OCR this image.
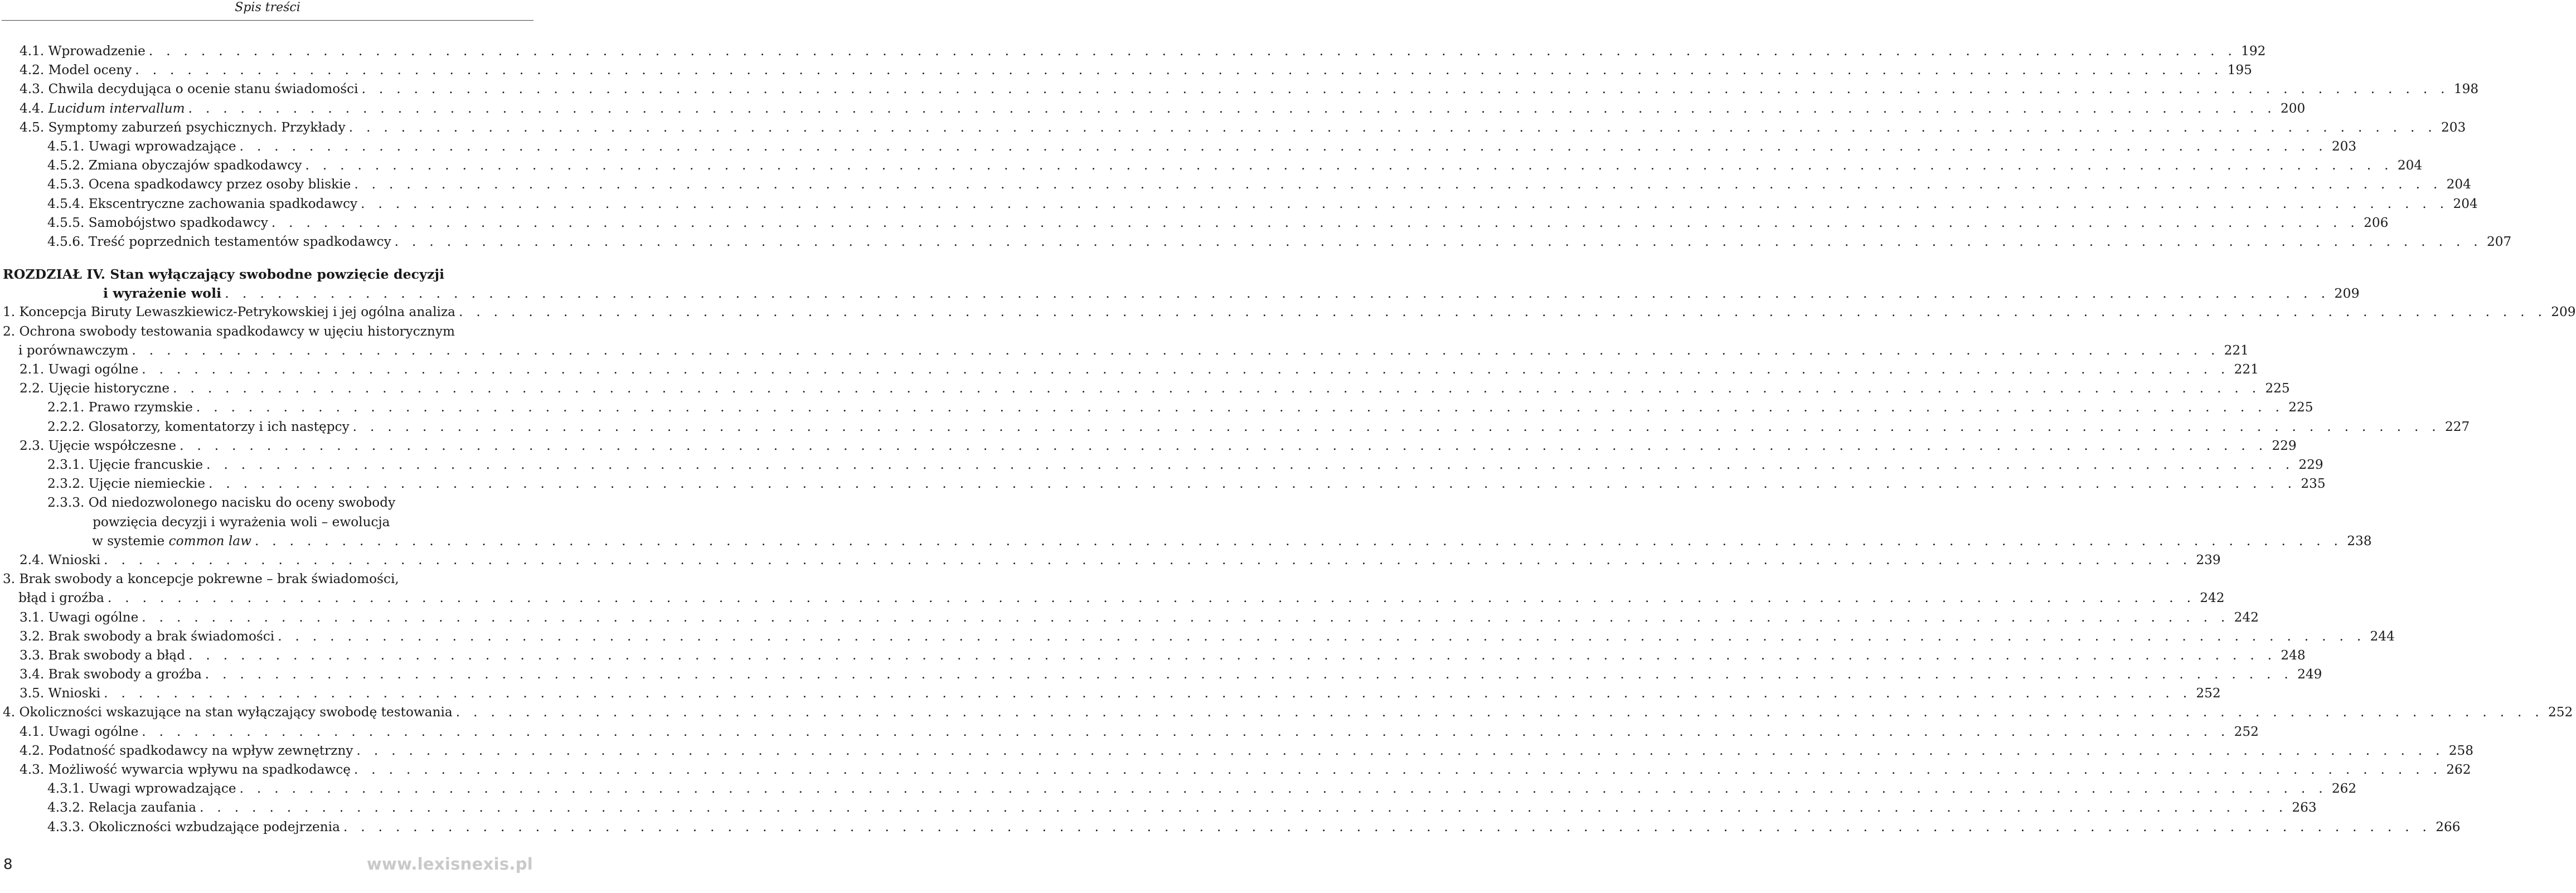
Spis treści
4.1. Wprowadzenie . . . . . . . . . . . . . . . . . . . . . . . . . . . . . . . . . . . . . . . . . . . . . . . . . . . . . . . . . . . . . . . . . . . . . . . . . . . . . . . . . . . . . . . . . . . . . . . . . . . . . . . . . . . . . . . . . . . . . . . . 192
4.2. Model oceny . . . . . . . . . . . . . . . . . . . . . . . . . . . . . . . . . . . . . . . . . . . . . . . . . . . . . . . . . . . . . . . . . . . . . . . . . . . . . . . . . . . . . . . . . . . . . . . . . . . . . . . . . . . . . . . . . . . . . . . . 195
4.3. Chwila decydująca o ocenie stanu świadomości . . . . . . . . . . . . . . . . . . . . . . . . . . . . . . . . . . . . . . . . . . . . . . . . . . . . . . . . . . . . . . . . . . . . . . . . . . . . . . . . . . . . . . . . . . . . . . . . . . . . . . . . . . . . . . . . . . . . . . . . 198
4.4. Lucidum intervallum . . . . . . . . . . . . . . . . . . . . . . . . . . . . . . . . . . . . . . . . . . . . . . . . . . . . . . . . . . . . . . . . . . . . . . . . . . . . . . . . . . . . . . . . . . . . . . . . . . . . . . . . . . . . . . . . . . . . . . . . 200
4.5. Symptomy zaburzeń psychicznych. Przykłady . . . . . . . . . . . . . . . . . . . . . . . . . . . . . . . . . . . . . . . . . . . . . . . . . . . . . . . . . . . . . . . . . . . . . . . . . . . . . . . . . . . . . . . . . . . . . . . . . . . . . . . . . . . . . . . . . . . . . . . . 203
4.5.1. Uwagi wprowadzające . . . . . . . . . . . . . . . . . . . . . . . . . . . . . . . . . . . . . . . . . . . . . . . . . . . . . . . . . . . . . . . . . . . . . . . . . . . . . . . . . . . . . . . . . . . . . . . . . . . . . . . . . . . . . . . . . . . . . . . . 203
4.5.2. Zmiana obyczajów spadkodawcy . . . . . . . . . . . . . . . . . . . . . . . . . . . . . . . . . . . . . . . . . . . . . . . . . . . . . . . . . . . . . . . . . . . . . . . . . . . . . . . . . . . . . . . . . . . . . . . . . . . . . . . . . . . . . . . . . . . . . . . . 204
4.5.3. Ocena spadkodawcy przez osoby bliskie . . . . . . . . . . . . . . . . . . . . . . . . . . . . . . . . . . . . . . . . . . . . . . . . . . . . . . . . . . . . . . . . . . . . . . . . . . . . . . . . . . . . . . . . . . . . . . . . . . . . . . . . . . . . . . . . . . . . . . . . 204
4.5.4. Ekscentryczne zachowania spadkodawcy . . . . . . . . . . . . . . . . . . . . . . . . . . . . . . . . . . . . . . . . . . . . . . . . . . . . . . . . . . . . . . . . . . . . . . . . . . . . . . . . . . . . . . . . . . . . . . . . . . . . . . . . . . . . . . . . . . . . . . . . 204
4.5.5. Samobójstwo spadkodawcy . . . . . . . . . . . . . . . . . . . . . . . . . . . . . . . . . . . . . . . . . . . . . . . . . . . . . . . . . . . . . . . . . . . . . . . . . . . . . . . . . . . . . . . . . . . . . . . . . . . . . . . . . . . . . . . . . . . . . . . . 206
4.5.6. Treść poprzednich testamentów spadkodawcy . . . . . . . . . . . . . . . . . . . . . . . . . . . . . . . . . . . . . . . . . . . . . . . . . . . . . . . . . . . . . . . . . . . . . . . . . . . . . . . . . . . . . . . . . . . . . . . . . . . . . . . . . . . . . . . . . . . . . . . . 207
ROZDZIAŁ IV. Stan wyłączający swobodne powzięcie decyzji
i wyrażenie woli . . . . . . . . . . . . . . . . . . . . . . . . . . . . . . . . . . . . . . . . . . . . . . . . . . . . . . . . . . . . . . . . . . . . . . . . . . . . . . . . . . . . . . . . . . . . . . . . . . . . . . . . . . . . . . . . . . . . . . . . 209
1. Koncepcja Biruty Lewaszkiewicz-Petrykowskiej i jej ogólna analiza . . . . . . . . . . . . . . . . . . . . . . . . . . . . . . . . . . . . . . . . . . . . . . . . . . . . . . . . . . . . . . . . . . . . . . . . . . . . . . . . . . . . . . . . . . . . . . . . . . . . . . . . . . . . . . . . . . . . . . . . 209
2. Ochrona swobody testowania spadkodawcy w ujęciu historycznym
i porównawczym . . . . . . . . . . . . . . . . . . . . . . . . . . . . . . . . . . . . . . . . . . . . . . . . . . . . . . . . . . . . . . . . . . . . . . . . . . . . . . . . . . . . . . . . . . . . . . . . . . . . . . . . . . . . . . . . . . . . . . . . 221
2.1. Uwagi ogólne . . . . . . . . . . . . . . . . . . . . . . . . . . . . . . . . . . . . . . . . . . . . . . . . . . . . . . . . . . . . . . . . . . . . . . . . . . . . . . . . . . . . . . . . . . . . . . . . . . . . . . . . . . . . . . . . . . . . . . . . 221
2.2. Ujęcie historyczne . . . . . . . . . . . . . . . . . . . . . . . . . . . . . . . . . . . . . . . . . . . . . . . . . . . . . . . . . . . . . . . . . . . . . . . . . . . . . . . . . . . . . . . . . . . . . . . . . . . . . . . . . . . . . . . . . . . . . . . . 225
2.2.1. Prawo rzymskie . . . . . . . . . . . . . . . . . . . . . . . . . . . . . . . . . . . . . . . . . . . . . . . . . . . . . . . . . . . . . . . . . . . . . . . . . . . . . . . . . . . . . . . . . . . . . . . . . . . . . . . . . . . . . . . . . . . . . . . . 225
2.2.2. Glosatorzy, komentatorzy i ich następcy . . . . . . . . . . . . . . . . . . . . . . . . . . . . . . . . . . . . . . . . . . . . . . . . . . . . . . . . . . . . . . . . . . . . . . . . . . . . . . . . . . . . . . . . . . . . . . . . . . . . . . . . . . . . . . . . . . . . . . . . 227
2.3. Ujęcie współczesne . . . . . . . . . . . . . . . . . . . . . . . . . . . . . . . . . . . . . . . . . . . . . . . . . . . . . . . . . . . . . . . . . . . . . . . . . . . . . . . . . . . . . . . . . . . . . . . . . . . . . . . . . . . . . . . . . . . . . . . . 229
2.3.1. Ujęcie francuskie . . . . . . . . . . . . . . . . . . . . . . . . . . . . . . . . . . . . . . . . . . . . . . . . . . . . . . . . . . . . . . . . . . . . . . . . . . . . . . . . . . . . . . . . . . . . . . . . . . . . . . . . . . . . . . . . . . . . . . . . 229
2.3.2. Ujęcie niemieckie . . . . . . . . . . . . . . . . . . . . . . . . . . . . . . . . . . . . . . . . . . . . . . . . . . . . . . . . . . . . . . . . . . . . . . . . . . . . . . . . . . . . . . . . . . . . . . . . . . . . . . . . . . . . . . . . . . . . . . . . 235
2.3.3. Od niedozwolonego nacisku do oceny swobody
powzięcia decyzji i wyrażenia woli – ewolucja
w systemie common law . . . . . . . . . . . . . . . . . . . . . . . . . . . . . . . . . . . . . . . . . . . . . . . . . . . . . . . . . . . . . . . . . . . . . . . . . . . . . . . . . . . . . . . . . . . . . . . . . . . . . . . . . . . . . . . . . . . . . . . . 238
2.4. Wnioski . . . . . . . . . . . . . . . . . . . . . . . . . . . . . . . . . . . . . . . . . . . . . . . . . . . . . . . . . . . . . . . . . . . . . . . . . . . . . . . . . . . . . . . . . . . . . . . . . . . . . . . . . . . . . . . . . . . . . . . . 239
3. Brak swobody a koncepcje pokrewne – brak świadomości,
błąd i groźba . . . . . . . . . . . . . . . . . . . . . . . . . . . . . . . . . . . . . . . . . . . . . . . . . . . . . . . . . . . . . . . . . . . . . . . . . . . . . . . . . . . . . . . . . . . . . . . . . . . . . . . . . . . . . . . . . . . . . . . . 242
3.1. Uwagi ogólne . . . . . . . . . . . . . . . . . . . . . . . . . . . . . . . . . . . . . . . . . . . . . . . . . . . . . . . . . . . . . . . . . . . . . . . . . . . . . . . . . . . . . . . . . . . . . . . . . . . . . . . . . . . . . . . . . . . . . . . . 242
3.2. Brak swobody a brak świadomości . . . . . . . . . . . . . . . . . . . . . . . . . . . . . . . . . . . . . . . . . . . . . . . . . . . . . . . . . . . . . . . . . . . . . . . . . . . . . . . . . . . . . . . . . . . . . . . . . . . . . . . . . . . . . . . . . . . . . . . . 244
3.3. Brak swobody a błąd . . . . . . . . . . . . . . . . . . . . . . . . . . . . . . . . . . . . . . . . . . . . . . . . . . . . . . . . . . . . . . . . . . . . . . . . . . . . . . . . . . . . . . . . . . . . . . . . . . . . . . . . . . . . . . . . . . . . . . . . 248
3.4. Brak swobody a groźba . . . . . . . . . . . . . . . . . . . . . . . . . . . . . . . . . . . . . . . . . . . . . . . . . . . . . . . . . . . . . . . . . . . . . . . . . . . . . . . . . . . . . . . . . . . . . . . . . . . . . . . . . . . . . . . . . . . . . . . . 249
3.5. Wnioski . . . . . . . . . . . . . . . . . . . . . . . . . . . . . . . . . . . . . . . . . . . . . . . . . . . . . . . . . . . . . . . . . . . . . . . . . . . . . . . . . . . . . . . . . . . . . . . . . . . . . . . . . . . . . . . . . . . . . . . . 252
4. Okoliczności wskazujące na stan wyłączający swobodę testowania . . . . . . . . . . . . . . . . . . . . . . . . . . . . . . . . . . . . . . . . . . . . . . . . . . . . . . . . . . . . . . . . . . . . . . . . . . . . . . . . . . . . . . . . . . . . . . . . . . . . . . . . . . . . . . . . . . . . . . . . 252
4.1. Uwagi ogólne . . . . . . . . . . . . . . . . . . . . . . . . . . . . . . . . . . . . . . . . . . . . . . . . . . . . . . . . . . . . . . . . . . . . . . . . . . . . . . . . . . . . . . . . . . . . . . . . . . . . . . . . . . . . . . . . . . . . . . . . 252
4.2. Podatność spadkodawcy na wpływ zewnętrzny . . . . . . . . . . . . . . . . . . . . . . . . . . . . . . . . . . . . . . . . . . . . . . . . . . . . . . . . . . . . . . . . . . . . . . . . . . . . . . . . . . . . . . . . . . . . . . . . . . . . . . . . . . . . . . . . . . . . . . . . 258
4.3. Możliwość wywarcia wpływu na spadkodawcę . . . . . . . . . . . . . . . . . . . . . . . . . . . . . . . . . . . . . . . . . . . . . . . . . . . . . . . . . . . . . . . . . . . . . . . . . . . . . . . . . . . . . . . . . . . . . . . . . . . . . . . . . . . . . . . . . . . . . . . . 262
4.3.1. Uwagi wprowadzające . . . . . . . . . . . . . . . . . . . . . . . . . . . . . . . . . . . . . . . . . . . . . . . . . . . . . . . . . . . . . . . . . . . . . . . . . . . . . . . . . . . . . . . . . . . . . . . . . . . . . . . . . . . . . . . . . . . . . . . . 262
4.3.2. Relacja zaufania . . . . . . . . . . . . . . . . . . . . . . . . . . . . . . . . . . . . . . . . . . . . . . . . . . . . . . . . . . . . . . . . . . . . . . . . . . . . . . . . . . . . . . . . . . . . . . . . . . . . . . . . . . . . . . . . . . . . . . . . 263
4.3.3. Okoliczności wzbudzające podejrzenia . . . . . . . . . . . . . . . . . . . . . . . . . . . . . . . . . . . . . . . . . . . . . . . . . . . . . . . . . . . . . . . . . . . . . . . . . . . . . . . . . . . . . . . . . . . . . . . . . . . . . . . . . . . . . . . . . . . . . . . . 266
8	www.lexisnexis.pl
